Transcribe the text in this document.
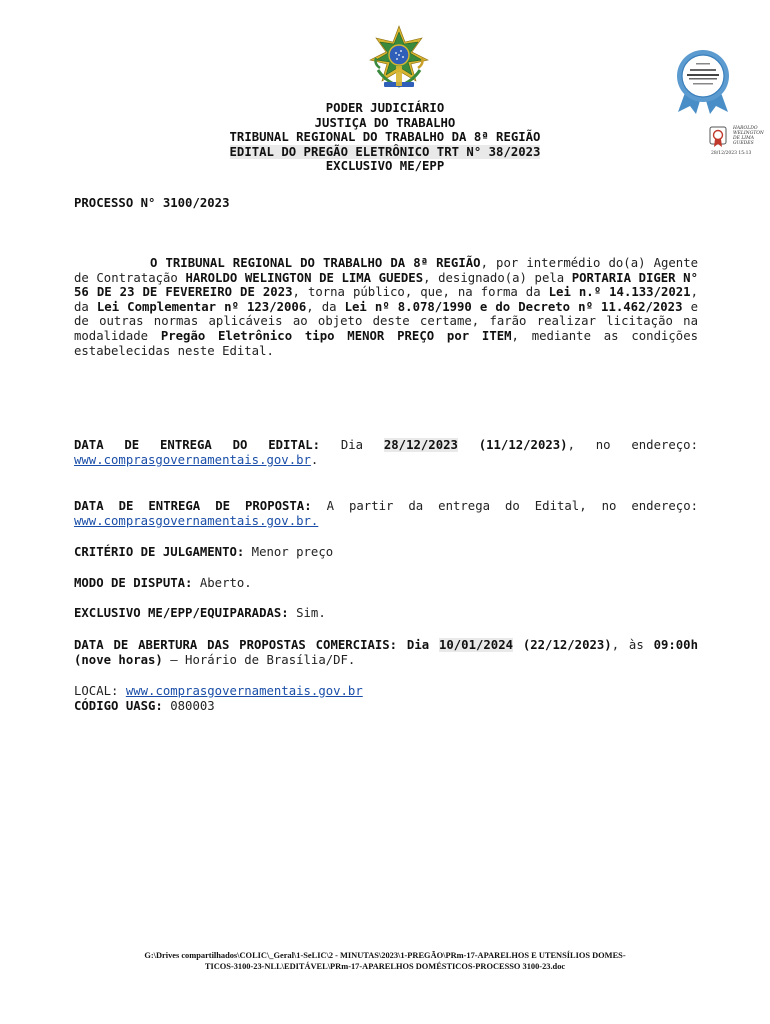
HAROLDO
WELINGTON
DE LIMA
GUEDES
28/12/2023 15:13
PODER JUDICIÁRIO
JUSTIÇA DO TRABALHO
TRIBUNAL REGIONAL DO TRABALHO DA 8ª REGIÃO
EDITAL DO PREGÃO ELETRÔNICO TRT N° 38/2023
EXCLUSIVO ME/EPP
PROCESSO N° 3100/2023

O TRIBUNAL REGIONAL DO TRABALHO DA 8ª REGIÃO, por intermédio do(a) Agente de Contratação HAROLDO WELINGTON DE LIMA GUEDES, designado(a) pela PORTARIA DIGER N° 56 DE 23 DE FEVEREIRO DE 2023, torna público, que, na forma da Lei n.º 14.133/2021, da Lei Complementar nº 123/2006, da Lei nº 8.078/1990 e do Decreto nº 11.462/2023 e de outras normas aplicáveis ao objeto deste certame, farão realizar licitação na modalidade Pregão Eletrônico tipo MENOR PREÇO por ITEM, mediante as condições estabelecidas neste Edital.

DATA DE ENTREGA DO EDITAL: Dia 28/12/2023 (11/12/2023), no endereço: www.comprasgovernamentais.gov.br.
DATA DE ENTREGA DE PROPOSTA: A partir da entrega do Edital, no endereço: www.comprasgovernamentais.gov.br.
CRITÉRIO DE JULGAMENTO: Menor preço
MODO DE DISPUTA: Aberto.
EXCLUSIVO ME/EPP/EQUIPARADAS: Sim.
DATA DE ABERTURA DAS PROPOSTAS COMERCIAIS: Dia 10/01/2024 (22/12/2023), às 09:00h (nove horas) – Horário de Brasília/DF.
LOCAL: www.comprasgovernamentais.gov.br
CÓDIGO UASG: 080003
G:\Drives compartilhados\COLIC\_Geral\1-SeLIC\2 - MINUTAS\2023\1-PREGÃO\PRm-17-APARELHOS E UTENSÍLIOS DOMES-
TICOS-3100-23-NLL\EDITÁVEL\PRm-17-APARELHOS DOMÉSTICOS-PROCESSO 3100-23.doc
